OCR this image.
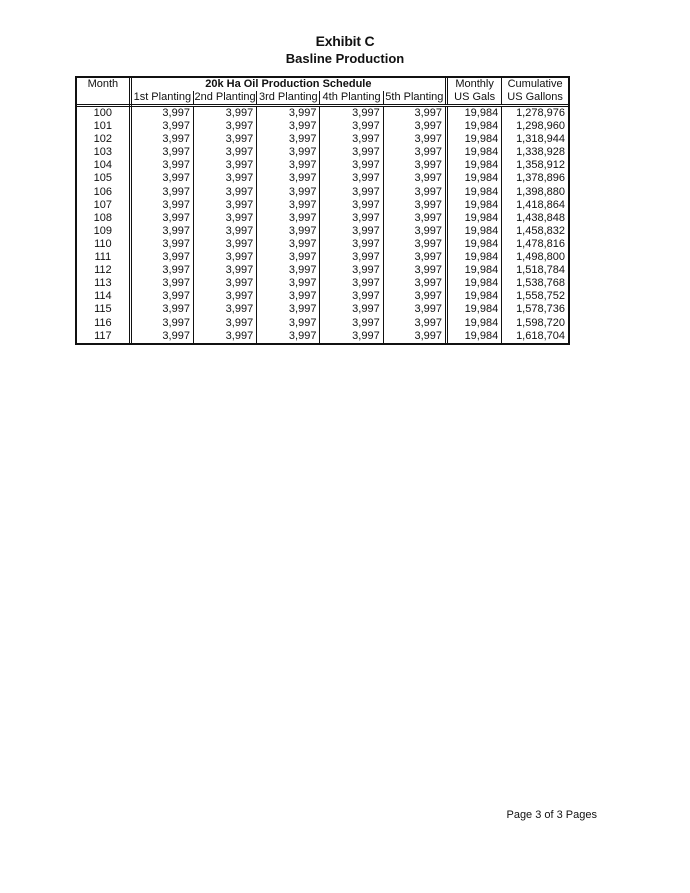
Exhibit C
Basline Production
Month	20k Ha Oil Production Schedule					Monthly	Cumulative
	1st Planting	2nd Planting	3rd Planting	4th Planting	5th Planting	US Gals	US Gallons
100	3,997	3,997	3,997	3,997	3,997	19,984	1,278,976
101	3,997	3,997	3,997	3,997	3,997	19,984	1,298,960
102	3,997	3,997	3,997	3,997	3,997	19,984	1,318,944
103	3,997	3,997	3,997	3,997	3,997	19,984	1,338,928
104	3,997	3,997	3,997	3,997	3,997	19,984	1,358,912
105	3,997	3,997	3,997	3,997	3,997	19,984	1,378,896
106	3,997	3,997	3,997	3,997	3,997	19,984	1,398,880
107	3,997	3,997	3,997	3,997	3,997	19,984	1,418,864
108	3,997	3,997	3,997	3,997	3,997	19,984	1,438,848
109	3,997	3,997	3,997	3,997	3,997	19,984	1,458,832
110	3,997	3,997	3,997	3,997	3,997	19,984	1,478,816
111	3,997	3,997	3,997	3,997	3,997	19,984	1,498,800
112	3,997	3,997	3,997	3,997	3,997	19,984	1,518,784
113	3,997	3,997	3,997	3,997	3,997	19,984	1,538,768
114	3,997	3,997	3,997	3,997	3,997	19,984	1,558,752
115	3,997	3,997	3,997	3,997	3,997	19,984	1,578,736
116	3,997	3,997	3,997	3,997	3,997	19,984	1,598,720
117	3,997	3,997	3,997	3,997	3,997	19,984	1,618,704
Page 3 of 3 Pages
